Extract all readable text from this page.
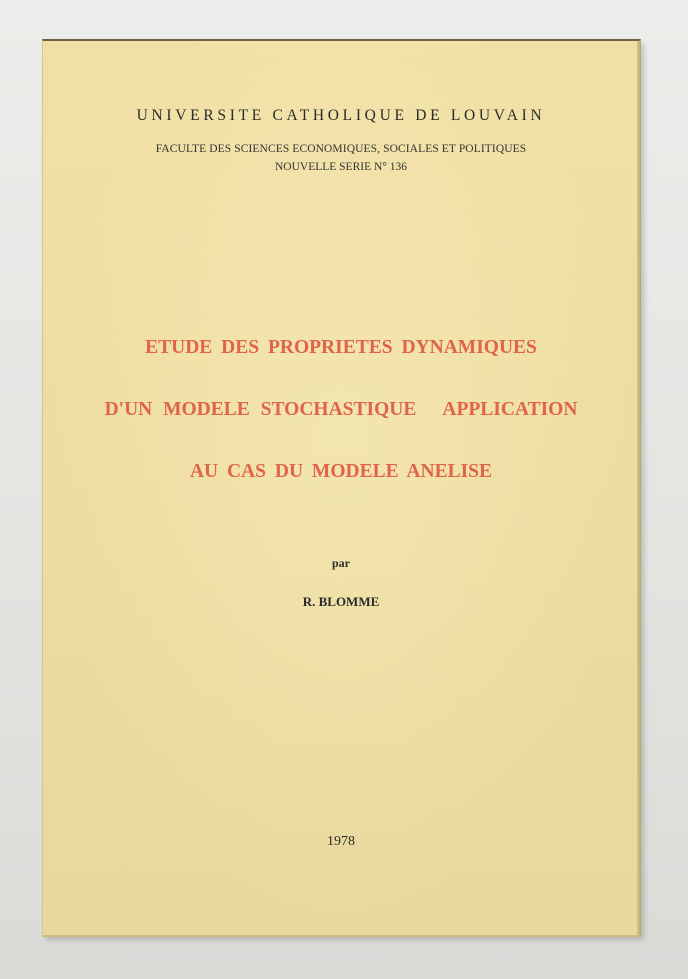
UNIVERSITE CATHOLIQUE DE LOUVAIN
FACULTE DES SCIENCES ECONOMIQUES, SOCIALES ET POLITIQUES
NOUVELLE SERIE N° 136
ETUDE DES PROPRIETES DYNAMIQUES
D'UN MODELE STOCHASTIQUE APPLICATION
AU CAS DU MODELE ANELISE
par
R. BLOMME
1978
